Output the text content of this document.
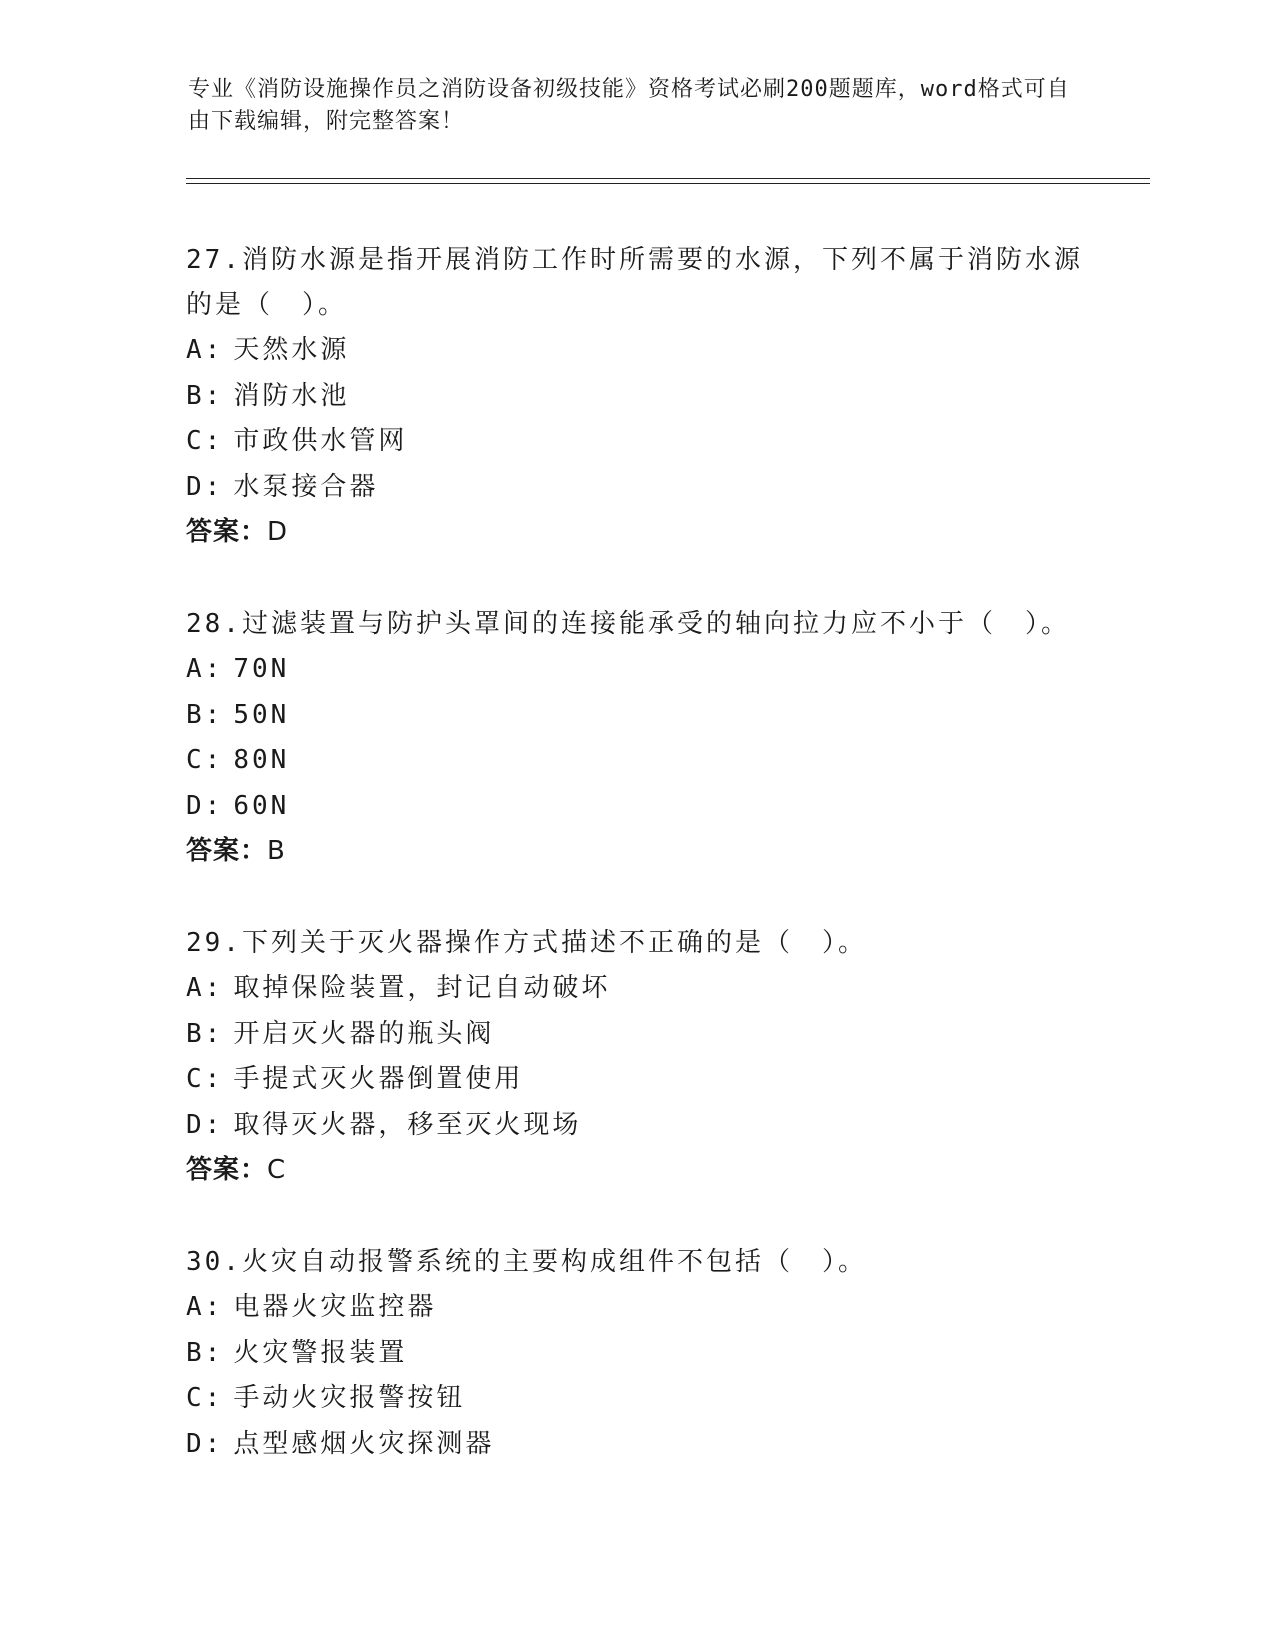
专业《消防设施操作员之消防设备初级技能》资格考试必刷200题题库，word格式可自由下载编辑，附完整答案！

27.消防水源是指开展消防工作时所需要的水源，下列不属于消防水源的是（　）。

A: 天然水源

B: 消防水池

C: 市政供水管网

D: 水泵接合器

答案：D

28.过滤装置与防护头罩间的连接能承受的轴向拉力应不小于（　）。

A: 70N

B: 50N

C: 80N

D: 60N

答案：B

29.下列关于灭火器操作方式描述不正确的是（　）。

A: 取掉保险装置，封记自动破坏

B: 开启灭火器的瓶头阀

C: 手提式灭火器倒置使用

D: 取得灭火器，移至灭火现场

答案：C

30.火灾自动报警系统的主要构成组件不包括（　）。

A: 电器火灾监控器

B: 火灾警报装置

C: 手动火灾报警按钮

D: 点型感烟火灾探测器
